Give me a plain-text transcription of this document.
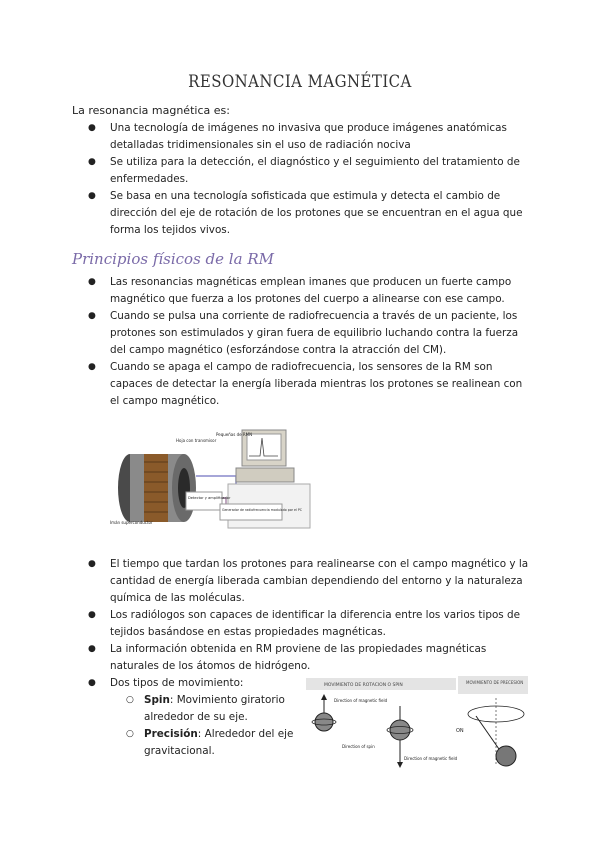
RESONANCIA MAGNÉTICA

La resonancia magnética es:

● Una tecnología de imágenes no invasiva que produce imágenes anatómicas detalladas tridimensionales sin el uso de radiación nociva
● Se utiliza para la detección, el diagnóstico y el seguimiento del tratamiento de enfermedades.
● Se basa en una tecnología sofisticada que estimula y detecta el cambio de dirección del eje de rotación de los protones que se encuentran en el agua que forma los tejidos vivos.
Principios físicos de la RM
● Las resonancias magnéticas emplean imanes que producen un fuerte campo magnético que fuerza a los protones del cuerpo a alinearse con ese campo.
● Cuando se pulsa una corriente de radiofrecuencia a través de un paciente, los protones son estimulados y giran fuera de equilibrio luchando contra la fuerza del campo magnético (esforzándose contra la atracción del CM).
● Cuando se apaga el campo de radiofrecuencia, los sensores de la RM son capaces de detectar la energía liberada mientras los protones se realinean con el campo magnético.
Pequeñas de RMN
Hoja con transmisor
Detector y amplificador
Generador de radiofrecuencia modulado por el PC
Imán superconductor
● El tiempo que tardan los protones para realinearse con el campo magnético y la cantidad de energía liberada cambian dependiendo del entorno y la naturaleza química de las moléculas.
● Los radiólogos son capaces de identificar la diferencia entre los varios tipos de tejidos basándose en estas propiedades magnéticas.
● La información obtenida en RM proviene de las propiedades magnéticas naturales de los átomos de hidrógeno.
● Dos tipos de movimiento:
○ Spin: Movimiento giratorio alrededor de su eje.
○ Precisión: Alrededor del eje gravitacional.
MOVIMIENTO DE ROTACION O SPIN
MOVIMIENTO DE PRECESION
Direction of magnetic field
Direction of spin
Direction of magnetic field
ON
